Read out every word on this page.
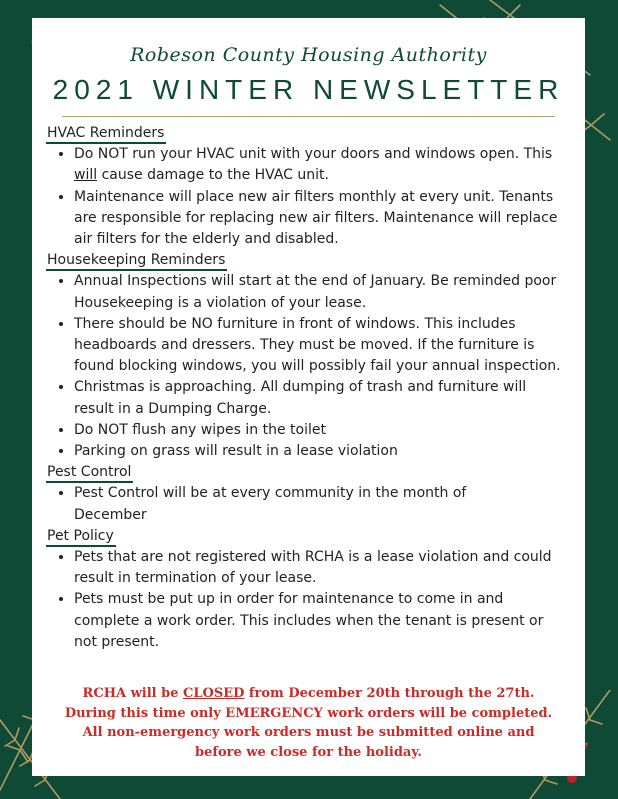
Robeson County Housing Authority
2021 WINTER NEWSLETTER
HVAC Reminders
• Do NOT run your HVAC unit with your doors and windows open. This will cause damage to the HVAC unit.
• Maintenance will place new air filters monthly at every unit. Tenants are responsible for replacing new air filters. Maintenance will replace air filters for the elderly and disabled.
Housekeeping Reminders
• Annual Inspections will start at the end of January. Be reminded poor Housekeeping is a violation of your lease.
• There should be NO furniture in front of windows. This includes headboards and dressers. They must be moved. If the furniture is found blocking windows, you will possibly fail your annual inspection.
• Christmas is approaching. All dumping of trash and furniture will result in a Dumping Charge.
• Do NOT flush any wipes in the toilet
• Parking on grass will result in a lease violation
Pest Control
• Pest Control will be at every community in the month of December
Pet Policy
• Pets that are not registered with RCHA is a lease violation and could result in termination of your lease.
• Pets must be put up in order for maintenance to come in and complete a work order. This includes when the tenant is present or not present.
RCHA will be CLOSED from December 20th through the 27th.
During this time only EMERGENCY work orders will be completed.
All non-emergency work orders must be submitted online and
before we close for the holiday.
